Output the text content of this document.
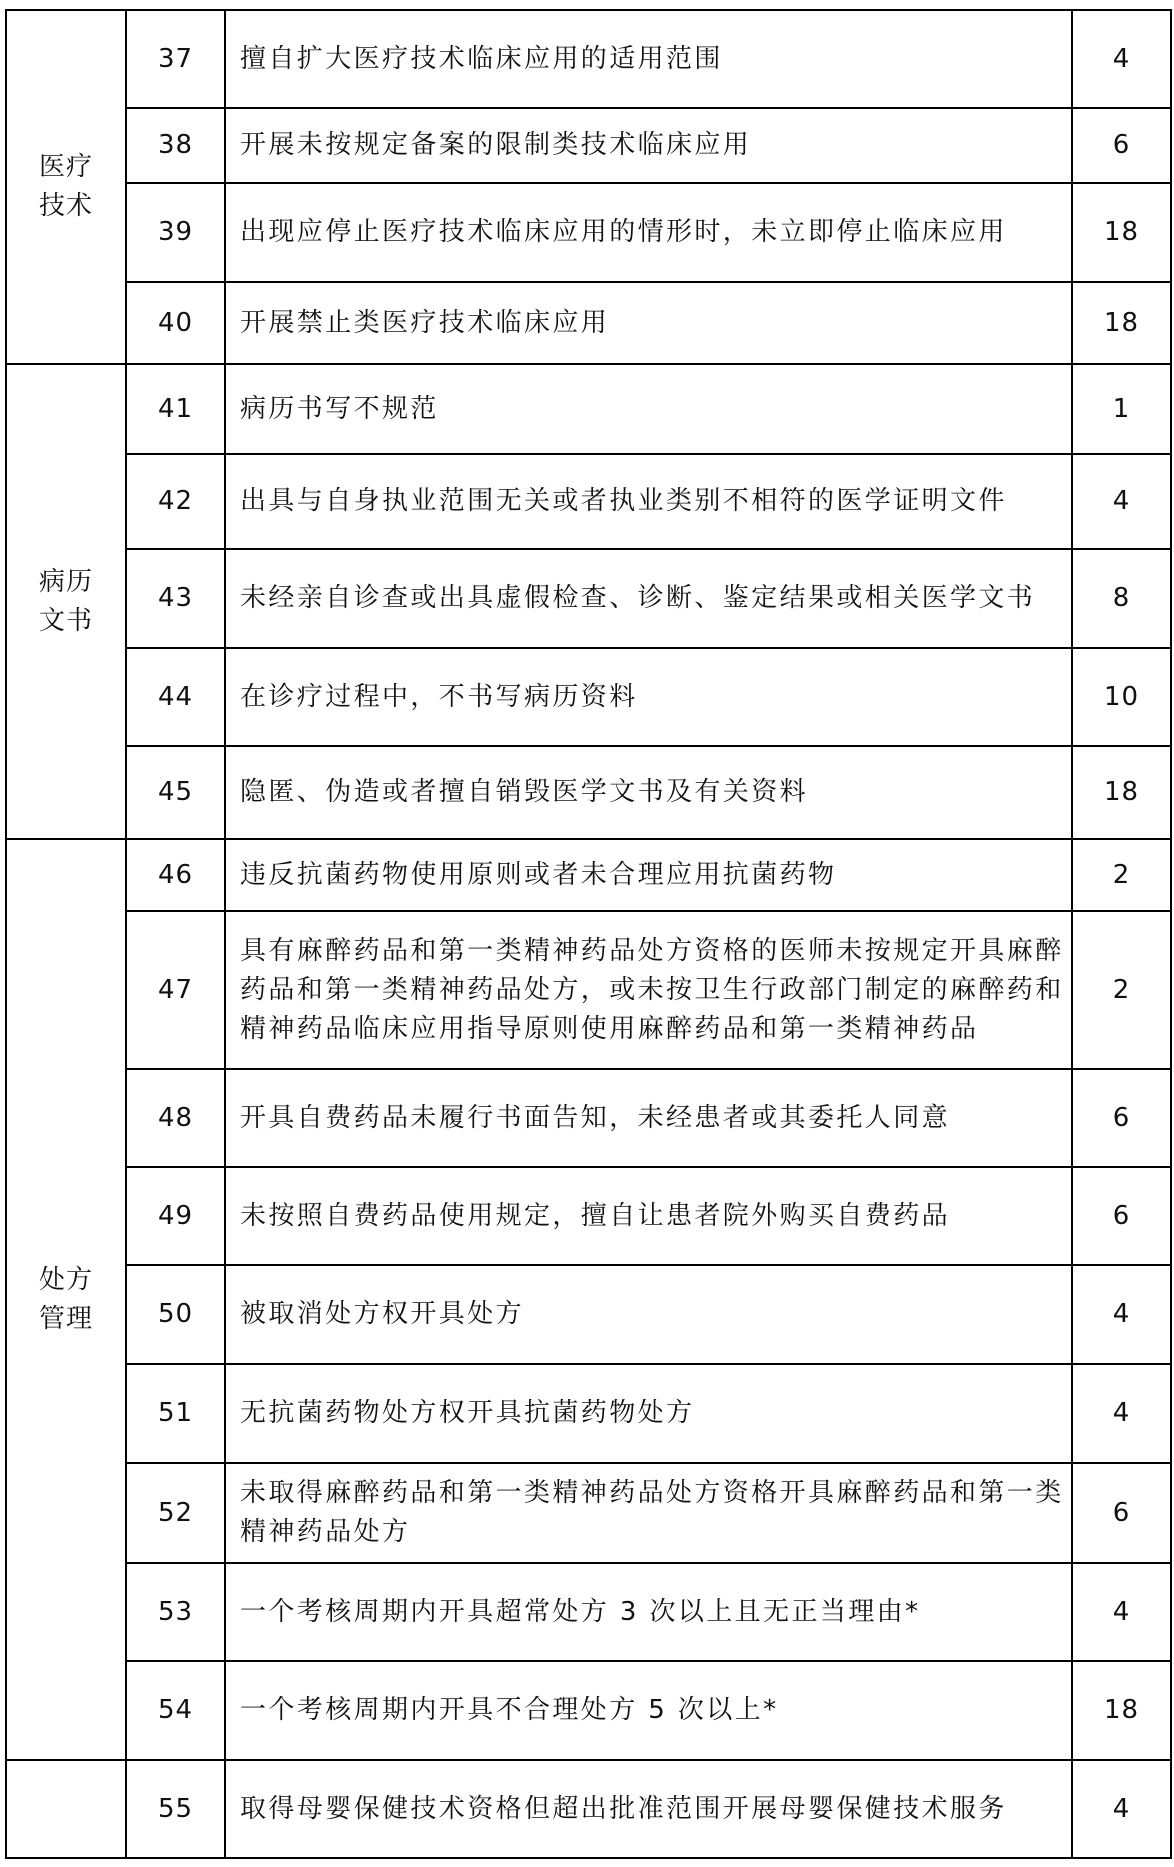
医疗技术	37	擅自扩大医疗技术临床应用的适用范围	4
	38	开展未按规定备案的限制类技术临床应用	6
	39	出现应停止医疗技术临床应用的情形时，未立即停止临床应用	18
	40	开展禁止类医疗技术临床应用	18
病历文书	41	病历书写不规范	1
	42	出具与自身执业范围无关或者执业类别不相符的医学证明文件	4
	43	未经亲自诊查或出具虚假检查、诊断、鉴定结果或相关医学文书	8
	44	在诊疗过程中，不书写病历资料	10
	45	隐匿、伪造或者擅自销毁医学文书及有关资料	18
处方管理	46	违反抗菌药物使用原则或者未合理应用抗菌药物	2
	47	具有麻醉药品和第一类精神药品处方资格的医师未按规定开具麻醉药品和第一类精神药品处方，或未按卫生行政部门制定的麻醉药和精神药品临床应用指导原则使用麻醉药品和第一类精神药品	2
	48	开具自费药品未履行书面告知，未经患者或其委托人同意	6
	49	未按照自费药品使用规定，擅自让患者院外购买自费药品	6
	50	被取消处方权开具处方	4
	51	无抗菌药物处方权开具抗菌药物处方	4
	52	未取得麻醉药品和第一类精神药品处方资格开具麻醉药品和第一类精神药品处方	6
	53	一个考核周期内开具超常处方 3 次以上且无正当理由*	4
	54	一个考核周期内开具不合理处方 5 次以上*	18
	55	取得母婴保健技术资格但超出批准范围开展母婴保健技术服务	4
